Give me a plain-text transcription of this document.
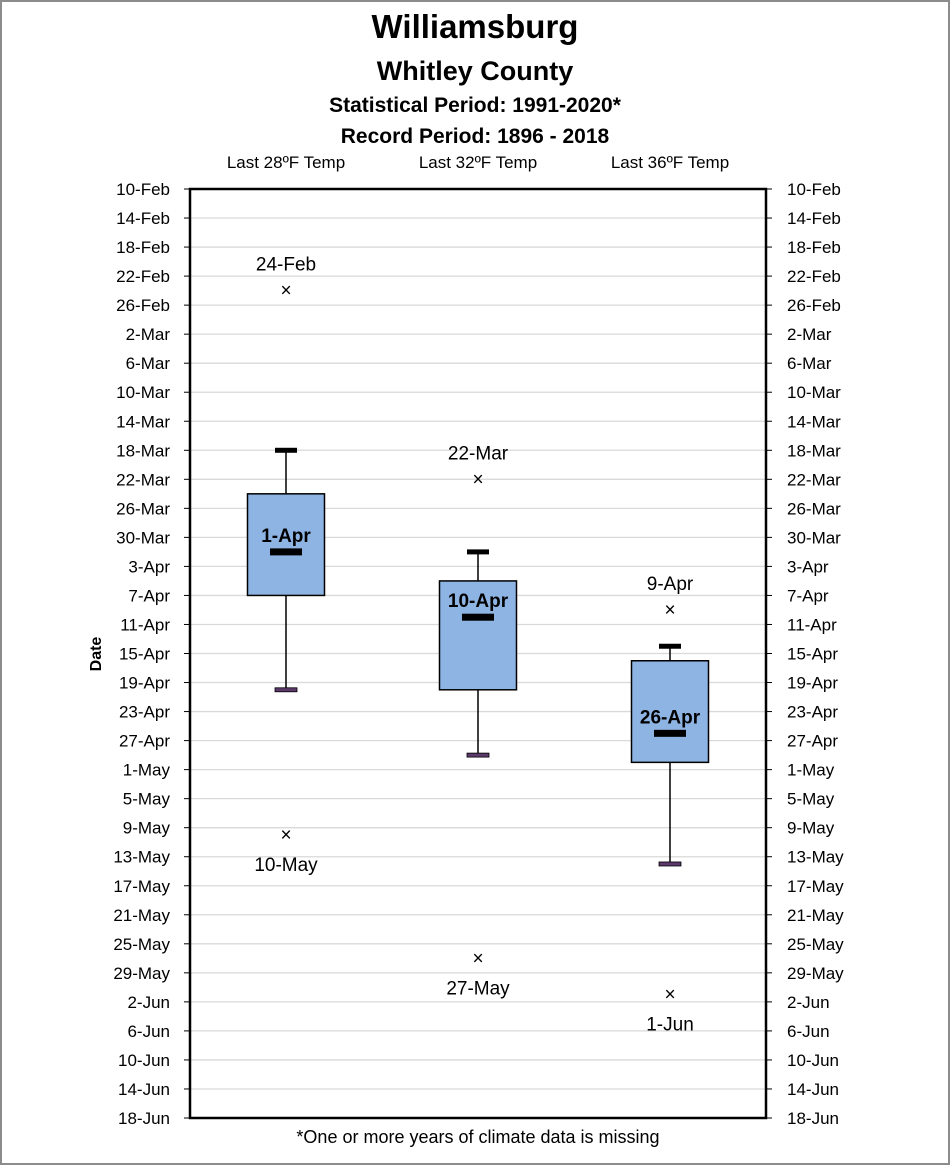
Williamsburg
Whitley County
Statistical Period: 1991-2020*
Record Period: 1896 - 2018
10-Feb	10-Feb
14-Feb	14-Feb
18-Feb	18-Feb
22-Feb	22-Feb
26-Feb	26-Feb
2-Mar	2-Mar
6-Mar	6-Mar
10-Mar	10-Mar
14-Mar	14-Mar
18-Mar	18-Mar
22-Mar	22-Mar
26-Mar	26-Mar
30-Mar	30-Mar
3-Apr	3-Apr
7-Apr	7-Apr
11-Apr	11-Apr
15-Apr	15-Apr
19-Apr	19-Apr
23-Apr	23-Apr
27-Apr	27-Apr
1-May	1-May
5-May	5-May
9-May	9-May
13-May	13-May
17-May	17-May
21-May	21-May
25-May	25-May
29-May	29-May
2-Jun	2-Jun
6-Jun	6-Jun
10-Jun	10-Jun
14-Jun	14-Jun
18-Jun	18-Jun
Date
Last 28ºF Temp
1-Apr
×
×
24-Feb
10-May
Last 32ºF Temp
10-Apr
×
×
22-Mar
27-May
Last 36ºF Temp
26-Apr
×
×
9-Apr
1-Jun
*One or more years of climate data is missing
